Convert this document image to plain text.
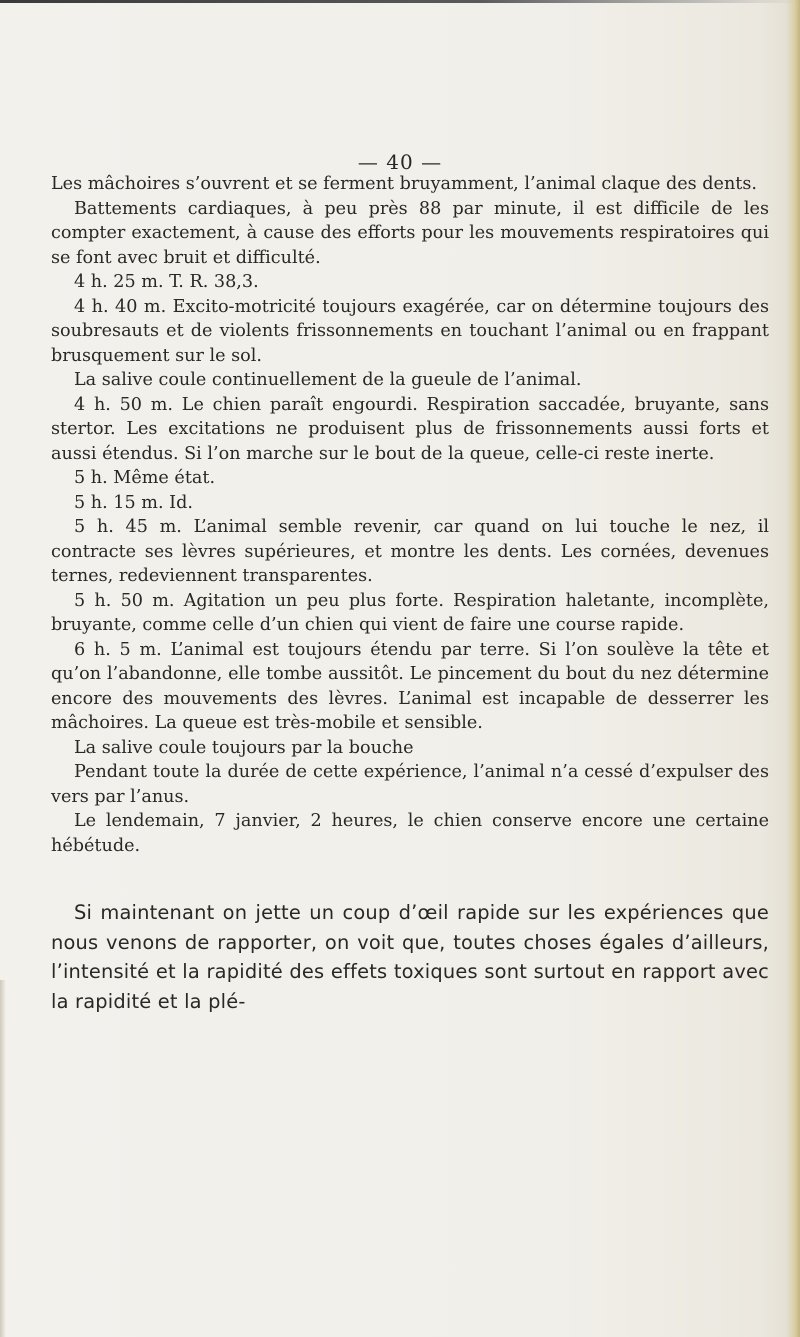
— 40 —

Les mâchoires s’ouvrent et se ferment bruyamment, l’animal claque des dents.

Battements cardiaques, à peu près 88 par minute, il est difficile de les compter exactement, à cause des efforts pour les mouvements respiratoires qui se font avec bruit et difficulté.

4 h. 25 m. T. R. 38,3.

4 h. 40 m. Excito-motricité toujours exagérée, car on détermine toujours des soubresauts et de violents frissonnements en touchant l’animal ou en frappant brusquement sur le sol.

La salive coule continuellement de la gueule de l’animal.

4 h. 50 m. Le chien paraît engourdi. Respiration saccadée, bruyante, sans stertor. Les excitations ne produisent plus de frissonnements aussi forts et aussi étendus. Si l’on marche sur le bout de la queue, celle-ci reste inerte.

5 h. Même état.

5 h. 15 m. Id.

5 h. 45 m. L’animal semble revenir, car quand on lui touche le nez, il contracte ses lèvres supérieures, et montre les dents. Les cornées, devenues ternes, redeviennent transparentes.

5 h. 50 m. Agitation un peu plus forte. Respiration haletante, incomplète, bruyante, comme celle d’un chien qui vient de faire une course rapide.

6 h. 5 m. L’animal est toujours étendu par terre. Si l’on soulève la tête et qu’on l’abandonne, elle tombe aussitôt. Le pincement du bout du nez détermine encore des mouvements des lèvres. L’animal est incapable de desserrer les mâchoires. La queue est très-mobile et sensible.

La salive coule toujours par la bouche

Pendant toute la durée de cette expérience, l’animal n’a cessé d’expulser des vers par l’anus.

Le lendemain, 7 janvier, 2 heures, le chien conserve encore une certaine hébétude.

Si maintenant on jette un coup d’œil rapide sur les expériences que nous venons de rapporter, on voit que, toutes choses égales d’ailleurs, l’intensité et la rapidité des effets toxiques sont surtout en rapport avec la rapidité et la plé-
